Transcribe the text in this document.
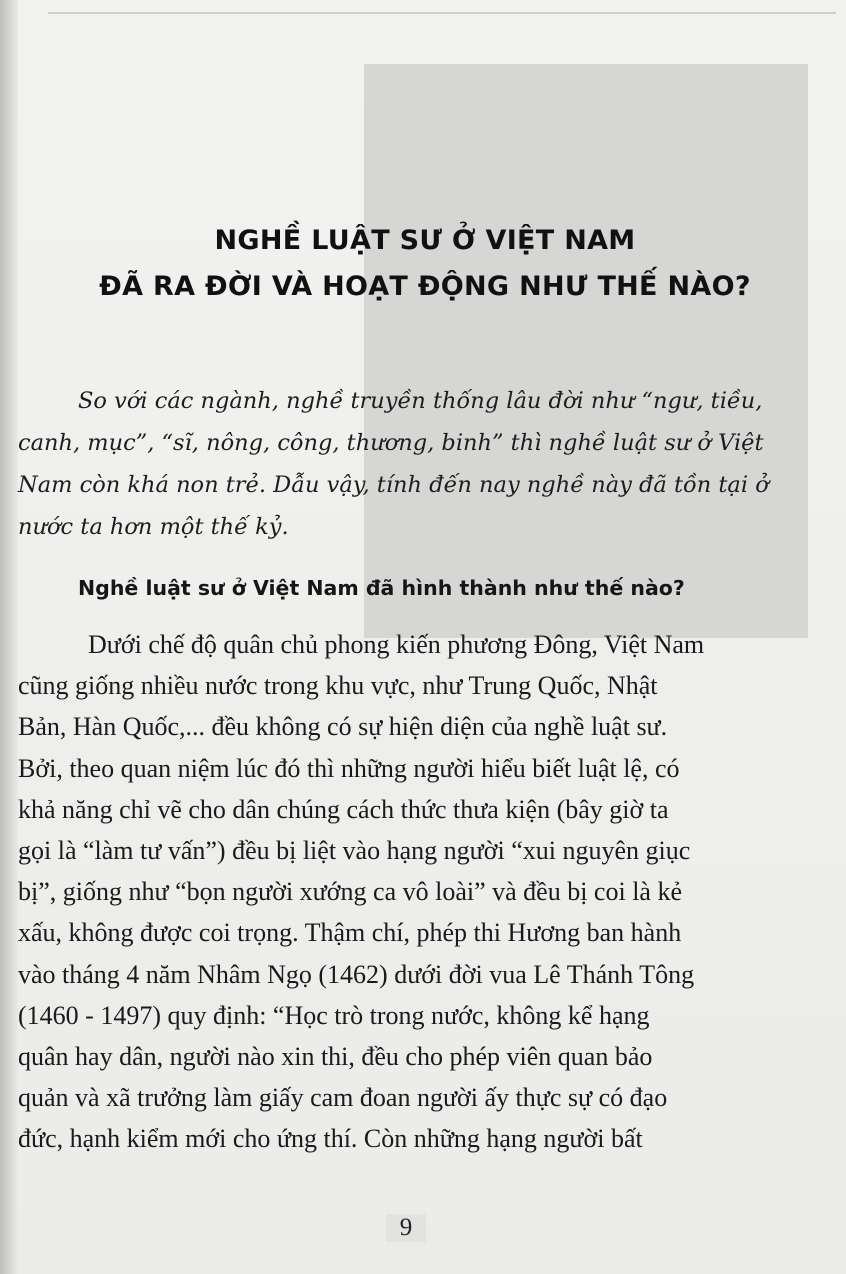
NGHỀ LUẬT SƯ Ở VIỆT NAM
ĐÃ RA ĐỜI VÀ HOẠT ĐỘNG NHƯ THẾ NÀO?

So với các ngành, nghề truyền thống lâu đời như “ngư, tiều,
canh, mục”, “sĩ, nông, công, thương, binh” thì nghề luật sư ở Việt
Nam còn khá non trẻ. Dẫu vậy, tính đến nay nghề này đã tồn tại ở
nước ta hơn một thế kỷ.

Nghề luật sư ở Việt Nam đã hình thành như thế nào?

Dưới chế độ quân chủ phong kiến phương Đông, Việt Nam
cũng giống nhiều nước trong khu vực, như Trung Quốc, Nhật
Bản, Hàn Quốc,... đều không có sự hiện diện của nghề luật sư.
Bởi, theo quan niệm lúc đó thì những người hiểu biết luật lệ, có
khả năng chỉ vẽ cho dân chúng cách thức thưa kiện (bây giờ ta
gọi là “làm tư vấn”) đều bị liệt vào hạng người “xui nguyên giục
bị”, giống như “bọn người xướng ca vô loài” và đều bị coi là kẻ
xấu, không được coi trọng. Thậm chí, phép thi Hương ban hành
vào tháng 4 năm Nhâm Ngọ (1462) dưới đời vua Lê Thánh Tông
(1460 - 1497) quy định: “Học trò trong nước, không kể hạng
quân hay dân, người nào xin thi, đều cho phép viên quan bảo
quản và xã trưởng làm giấy cam đoan người ấy thực sự có đạo
đức, hạnh kiểm mới cho ứng thí. Còn những hạng người bất

9
